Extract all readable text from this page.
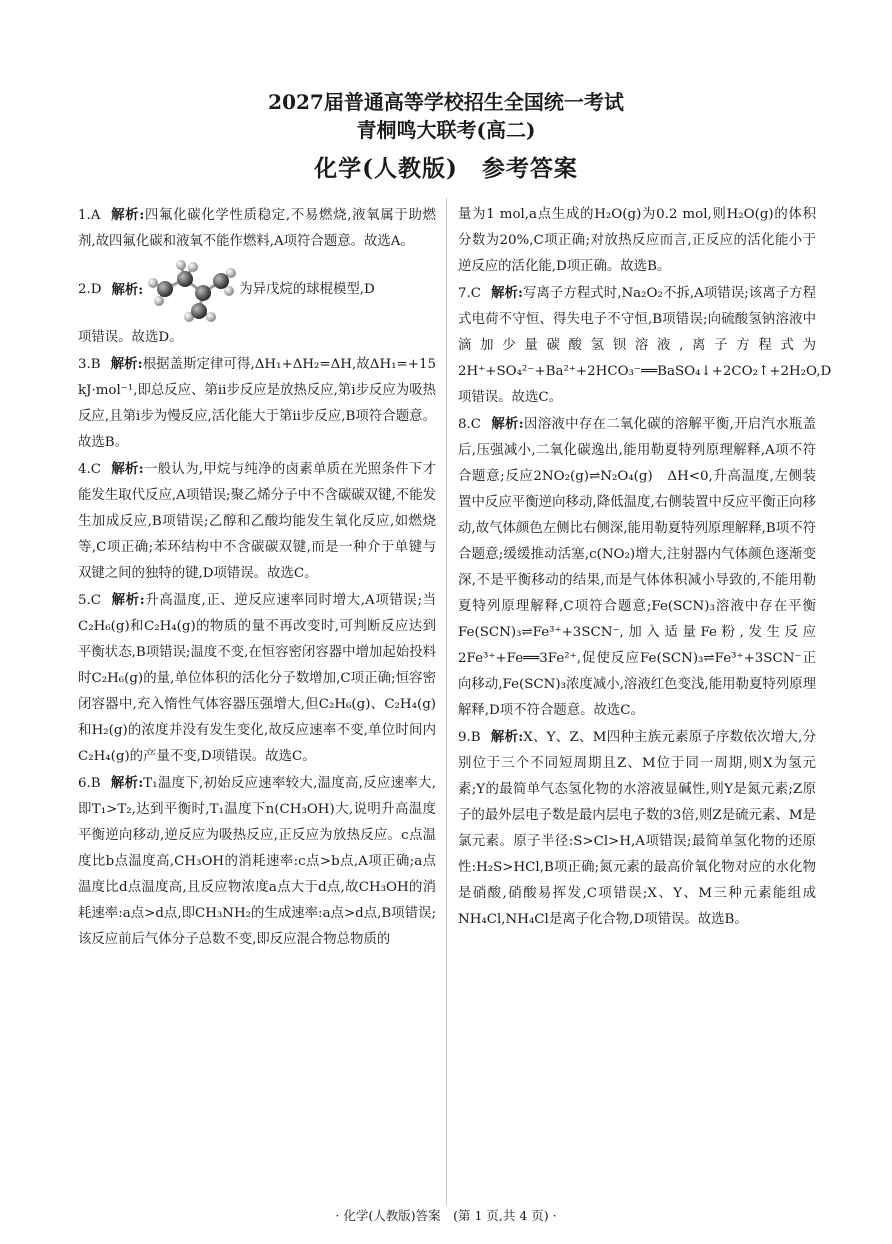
2027届普通高等学校招生全国统一考试
青桐鸣大联考(高二)
化学(人教版)　参考答案

1.A 解析:四氟化碳化学性质稳定,不易燃烧,液氧属于助燃剂,故四氟化碳和液氧不能作燃料,A项符合题意。故选A。

2.D 解析:	为异戊烷的球棍模型,D

项错误。故选D。

3.B 解析:根据盖斯定律可得,ΔH₁+ΔH₂=ΔH,故ΔH₁=+15 kJ·mol⁻¹,即总反应、第ii步反应是放热反应,第i步反应为吸热反应,且第i步为慢反应,活化能大于第ii步反应,B项符合题意。故选B。

4.C 解析:一般认为,甲烷与纯净的卤素单质在光照条件下才能发生取代反应,A项错误;聚乙烯分子中不含碳碳双键,不能发生加成反应,B项错误;乙醇和乙酸均能发生氧化反应,如燃烧等,C项正确;苯环结构中不含碳碳双键,而是一种介于单键与双键之间的独特的键,D项错误。故选C。

5.C 解析:升高温度,正、逆反应速率同时增大,A项错误;当C₂H₆(g)和C₂H₄(g)的物质的量不再改变时,可判断反应达到平衡状态,B项错误;温度不变,在恒容密闭容器中增加起始投料时C₂H₆(g)的量,单位体积的活化分子数增加,C项正确;恒容密闭容器中,充入惰性气体容器压强增大,但C₂H₆(g)、C₂H₄(g)和H₂(g)的浓度并没有发生变化,故反应速率不变,单位时间内C₂H₄(g)的产量不变,D项错误。故选C。

6.B 解析:T₁温度下,初始反应速率较大,温度高,反应速率大,即T₁>T₂,达到平衡时,T₁温度下n(CH₃OH)大,说明升高温度平衡逆向移动,逆反应为吸热反应,正反应为放热反应。c点温度比b点温度高,CH₃OH的消耗速率:c点>b点,A项正确;a点温度比d点温度高,且反应物浓度a点大于d点,故CH₃OH的消耗速率:a点>d点,即CH₃NH₂的生成速率:a点>d点,B项错误;该反应前后气体分子总数不变,即反应混合物总物质的

量为1 mol,a点生成的H₂O(g)为0.2 mol,则H₂O(g)的体积分数为20%,C项正确;对放热反应而言,正反应的活化能小于逆反应的活化能,D项正确。故选B。

7.C 解析:写离子方程式时,Na₂O₂不拆,A项错误;该离子方程式电荷不守恒、得失电子不守恒,B项错误;向硫酸氢钠溶液中滴加少量碳酸氢钡溶液,离子方程式为2H⁺+SO₄²⁻+Ba²⁺+2HCO₃⁻══BaSO₄↓+2CO₂↑+2H₂O,D项错误。故选C。

8.C 解析:因溶液中存在二氧化碳的溶解平衡,开启汽水瓶盖后,压强减小,二氧化碳逸出,能用勒夏特列原理解释,A项不符合题意;反应2NO₂(g)⇌N₂O₄(g)　ΔH<0,升高温度,左侧装置中反应平衡逆向移动,降低温度,右侧装置中反应平衡正向移动,故气体颜色左侧比右侧深,能用勒夏特列原理解释,B项不符合题意;缓缓推动活塞,c(NO₂)增大,注射器内气体颜色逐渐变深,不是平衡移动的结果,而是气体体积减小导致的,不能用勒夏特列原理解释,C项符合题意;Fe(SCN)₃溶液中存在平衡Fe(SCN)₃⇌Fe³⁺+3SCN⁻,加入适量Fe粉,发生反应2Fe³⁺+Fe══3Fe²⁺,促使反应Fe(SCN)₃⇌Fe³⁺+3SCN⁻正向移动,Fe(SCN)₃浓度减小,溶液红色变浅,能用勒夏特列原理解释,D项不符合题意。故选C。

9.B 解析:X、Y、Z、M四种主族元素原子序数依次增大,分别位于三个不同短周期且Z、M位于同一周期,则X为氢元素;Y的最简单气态氢化物的水溶液显碱性,则Y是氮元素;Z原子的最外层电子数是最内层电子数的3倍,则Z是硫元素、M是氯元素。原子半径:S>Cl>H,A项错误;最简单氢化物的还原性:H₂S>HCl,B项正确;氮元素的最高价氧化物对应的水化物是硝酸,硝酸易挥发,C项错误;X、Y、M三种元素能组成NH₄Cl,NH₄Cl是离子化合物,D项错误。故选B。

· 化学(人教版)答案　(第 1 页,共 4 页) ·
